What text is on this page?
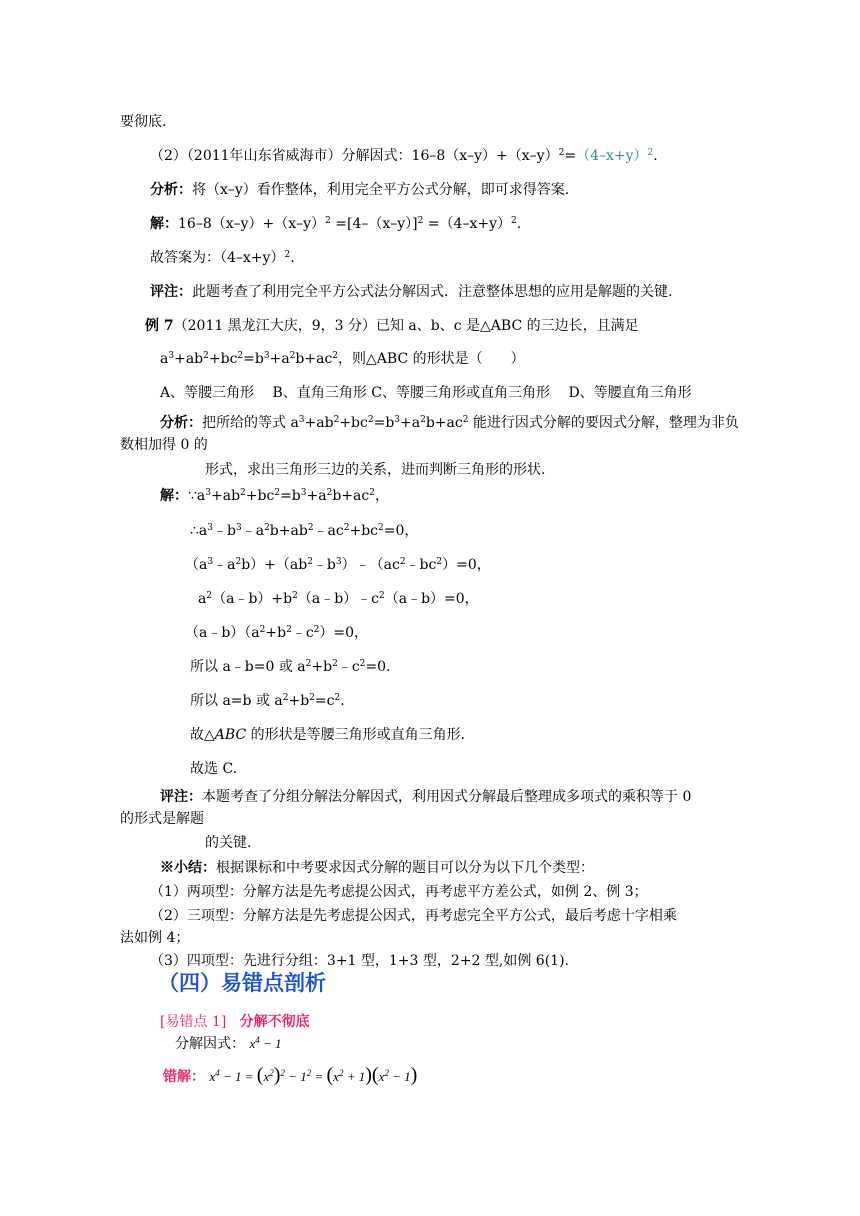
要彻底.
（2）（2011年山东省威海市）分解因式：$16-8(x-y)+(x-y)^2=(4-x+y)^2$.
分析：将（x–y）看作整体，利用完全平方公式分解，即可求得答案.
解：$16-8(x-y)+(x-y)^2 =[4-(x-y)]^2 =(4-x+y)^2$.
故答案为：$(4-x+y)^2$.
评注：此题考查了利用完全平方公式法分解因式．注意整体思想的应用是解题的关键.
例 7（2011 黑龙江大庆，9，3 分）已知 a、b、c 是△ABC 的三边长，且满足
$a^3+ab^2+bc^2=b^3+a^2b+ac^2$，则△ABC 的形状是（　　）
A、等腰三角形　 B、直角三角形 C、等腰三角形或直角三角形　 D、等腰直角三角形
分析：把所给的等式 $a^3+ab^2+bc^2=b^3+a^2b+ac^2$ 能进行因式分解的要因式分解，整理为非负
数相加得 0 的
形式，求出三角形三边的关系，进而判断三角形的形状.
解：$\because a^3+ab^2+bc^2=b^3+a^2b+ac^2$，
$\therefore a^3﹣b^3﹣a^2b+ab^2﹣ac^2+bc^2=0$，
$(a^3﹣a^2b)+(ab^2﹣b^3)﹣(ac^2﹣bc^2)=0$，
$a^2(a﹣b)+b^2(a﹣b)﹣c^2(a﹣b)=0$，
$(a﹣b)(a^2+b^2﹣c^2)=0$，
所以 a﹣b=0 或 $a^2+b^2﹣c^2=0$.
所以 a=b 或 $a^2+b^2=c^2$.
故△ABC 的形状是等腰三角形或直角三角形.
故选 C.
评注：本题考查了分组分解法分解因式，利用因式分解最后整理成多项式的乘积等于 0
的形式是解题
的关键.
※小结：根据课标和中考要求因式分解的题目可以分为以下几个类型：
（1）两项型：分解方法是先考虑提公因式，再考虑平方差公式，如例 2、例 3；
（2）三项型：分解方法是先考虑提公因式，再考虑完全平方公式，最后考虑十字相乘
法如例 4；
（3）四项型：先进行分组：3+1 型，1+3 型，2+2 型,如例 6(1).
（四）易错点剖析
[易错点 1] 分解不彻底
分解因式： $x^4 - 1$
错解： $x^4 - 1 = (x^2)^2 - 1^2 = (x^2 + 1)(x^2 - 1)$
